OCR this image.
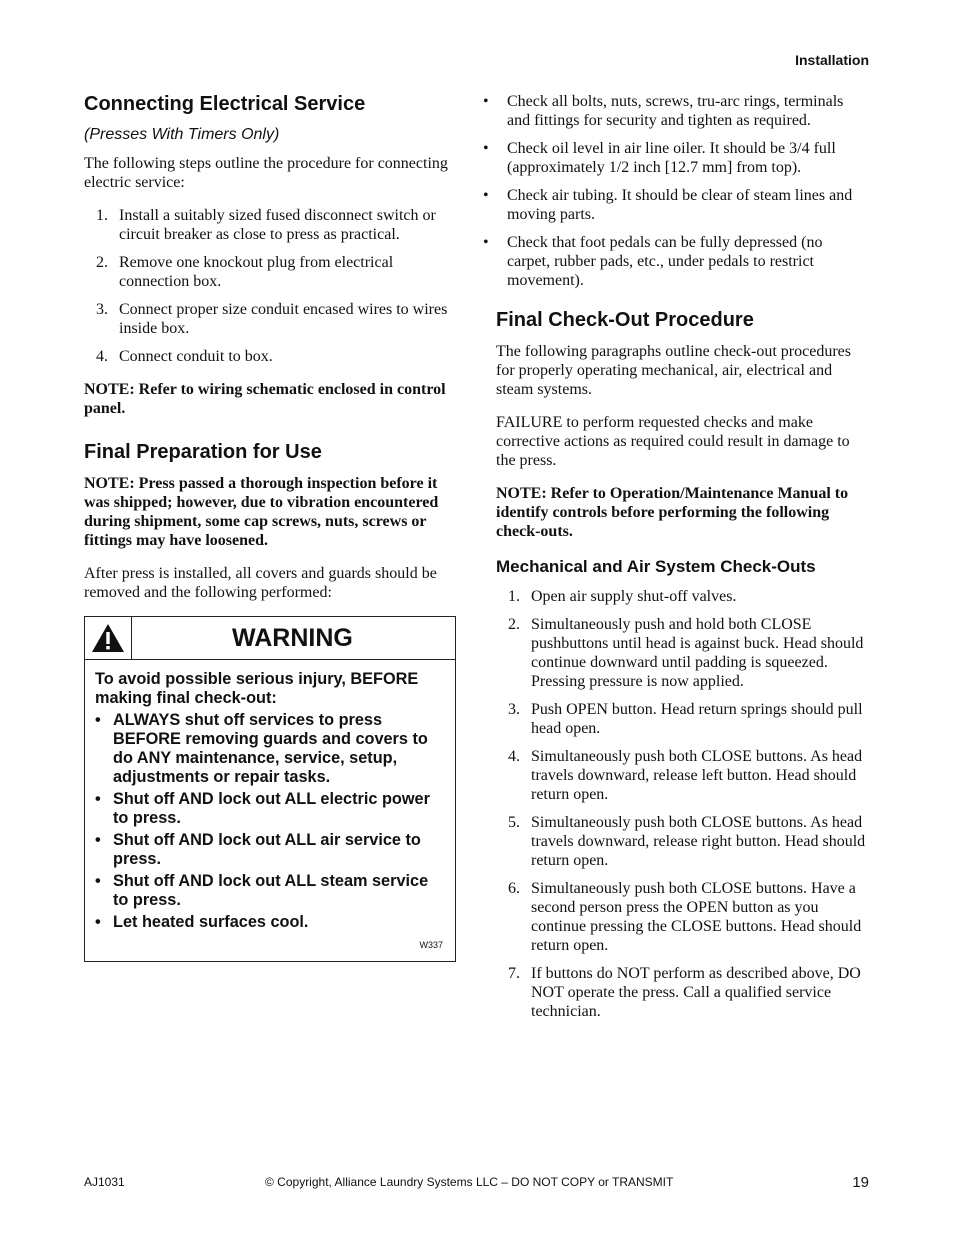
Installation
Connecting Electrical Service
(Presses With Timers Only)

The following steps outline the procedure for connecting electric service:

1. Install a suitably sized fused disconnect switch or circuit breaker as close to press as practical.
2. Remove one knockout plug from electrical connection box.
3. Connect proper size conduit encased wires to wires inside box.
4. Connect conduit to box.

NOTE: Refer to wiring schematic enclosed in control panel.

Final Preparation for Use

NOTE: Press passed a thorough inspection before it was shipped; however, due to vibration encountered during shipment, some cap screws, nuts, screws or fittings may have loosened.

After press is installed, all covers and guards should be removed and the following performed:

WARNING
To avoid possible serious injury, BEFORE making final check-out:
• ALWAYS shut off services to press BEFORE removing guards and covers to do ANY maintenance, service, setup, adjustments or repair tasks.
• Shut off AND lock out ALL electric power to press.
• Shut off AND lock out ALL air service to press.
• Shut off AND lock out ALL steam service to press.
• Let heated surfaces cool.
W337
•	Check all bolts, nuts, screws, tru-arc rings, terminals and fittings for security and tighten as required.
•	Check oil level in air line oiler. It should be 3/4 full (approximately 1/2 inch [12.7 mm] from top).
•	Check air tubing. It should be clear of steam lines and moving parts.
•	Check that foot pedals can be fully depressed (no carpet, rubber pads, etc., under pedals to restrict movement).
Final Check-Out Procedure

The following paragraphs outline check-out procedures for properly operating mechanical, air, electrical and steam systems.

FAILURE to perform requested checks and make corrective actions as required could result in damage to the press.

NOTE: Refer to Operation/Maintenance Manual to identify controls before performing the following check-outs.

Mechanical and Air System Check-Outs
1. Open air supply shut-off valves.
2. Simultaneously push and hold both CLOSE pushbuttons until head is against buck. Head should continue downward until padding is squeezed. Pressing pressure is now applied.
3. Push OPEN button. Head return springs should pull head open.
4. Simultaneously push both CLOSE buttons. As head travels downward, release left button. Head should return open.
5. Simultaneously push both CLOSE buttons. As head travels downward, release right button. Head should return open.
6. Simultaneously push both CLOSE buttons. Have a second person press the OPEN button as you continue pressing the CLOSE buttons. Head should return open.
7. If buttons do NOT perform as described above, DO NOT operate the press. Call a qualified service technician.
AJ1031	© Copyright, Alliance Laundry Systems LLC – DO NOT COPY or TRANSMIT	19
